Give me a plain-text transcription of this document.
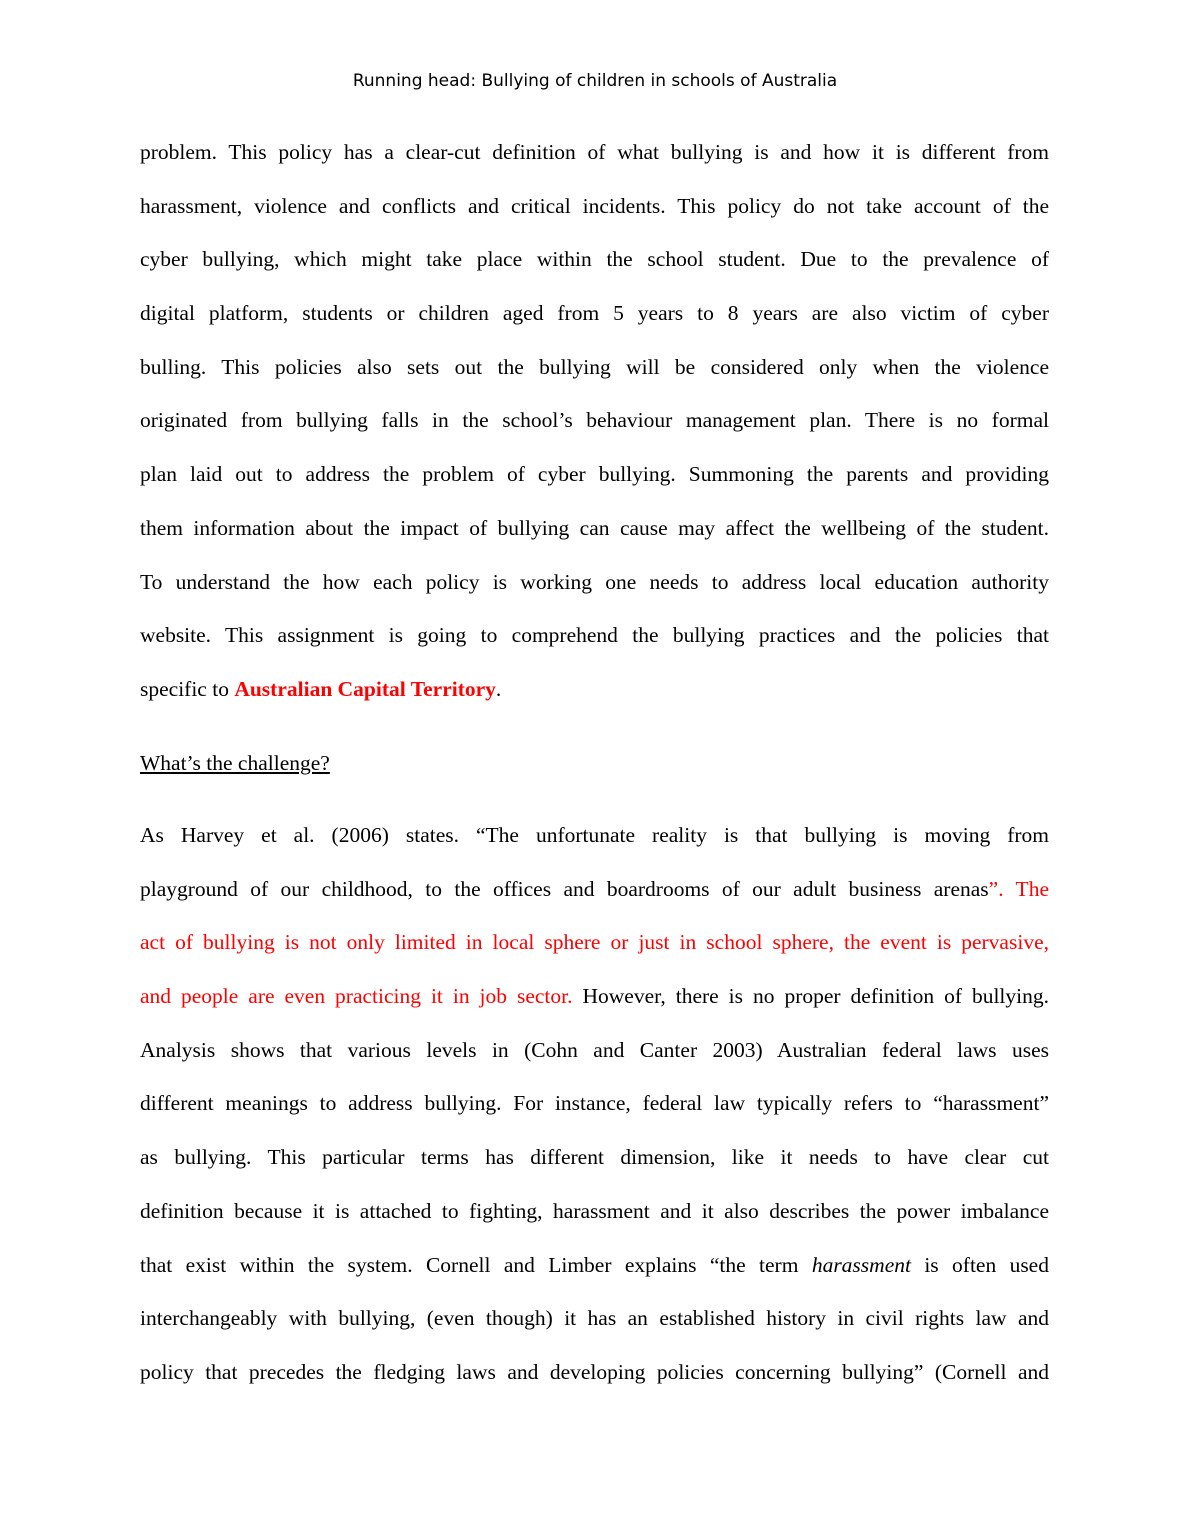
Running head: Bullying of children in schools of Australia
problem. This policy has a clear-cut definition of what bullying is and how it is different from
harassment, violence and conflicts and critical incidents. This policy do not take account of the
cyber bullying, which might take place within the school student. Due to the prevalence of
digital platform, students or children aged from 5 years to 8 years are also victim of cyber
bulling. This policies also sets out the bullying will be considered only when the violence
originated from bullying falls in the school’s behaviour management plan. There is no formal
plan laid out to address the problem of cyber bullying. Summoning the parents and providing
them information about the impact of bullying can cause may affect the wellbeing of the student.
To understand the how each policy is working one needs to address local education authority
website. This assignment is going to comprehend the bullying practices and the policies that
specific to Australian Capital Territory.
What’s the challenge?
As Harvey et al. (2006) states. “The unfortunate reality is that bullying is moving from
playground of our childhood, to the offices and boardrooms of our adult business arenas”. The
act of bullying is not only limited in local sphere or just in school sphere, the event is pervasive,
and people are even practicing it in job sector. However, there is no proper definition of bullying.
Analysis shows that various levels in (Cohn and Canter 2003) Australian federal laws uses
different meanings to address bullying. For instance, federal law typically refers to “harassment”
as bullying. This particular terms has different dimension, like it needs to have clear cut
definition because it is attached to fighting, harassment and it also describes the power imbalance
that exist within the system. Cornell and Limber explains “the term harassment is often used
interchangeably with bullying, (even though) it has an established history in civil rights law and
policy that precedes the fledging laws and developing policies concerning bullying” (Cornell and
